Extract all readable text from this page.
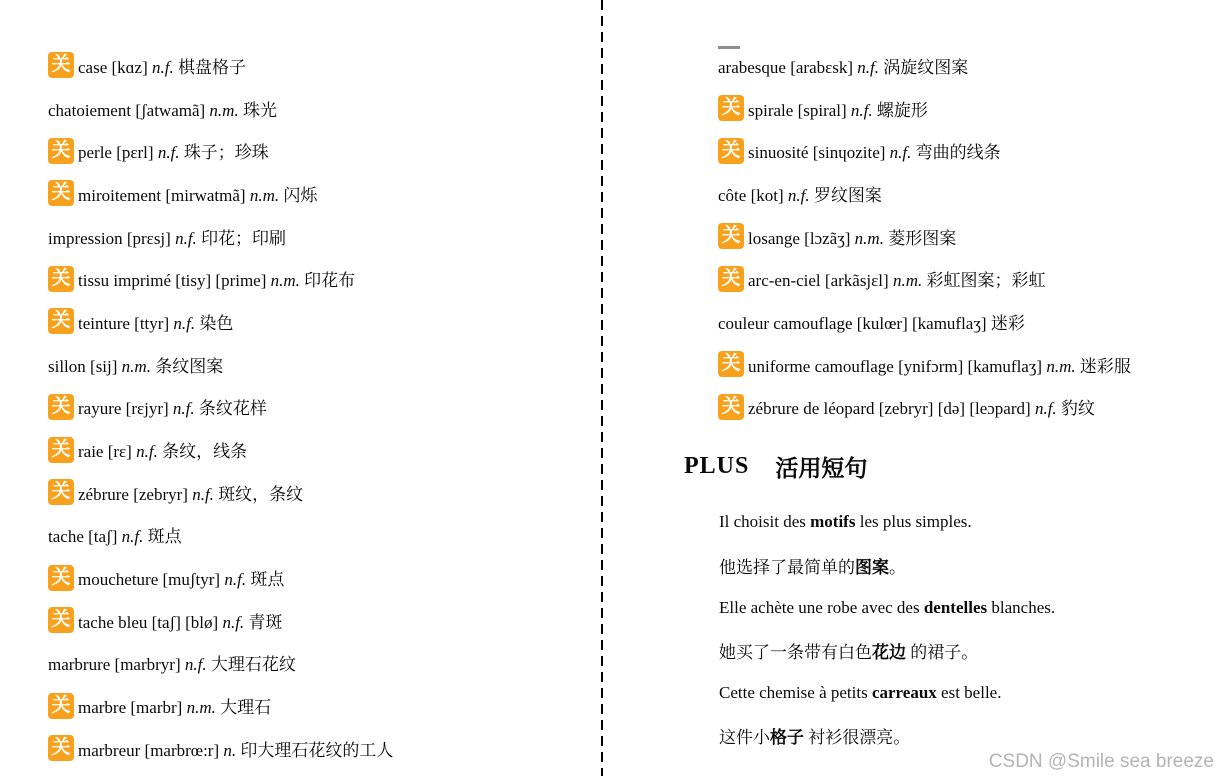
关 case [kɑz] n.f. 棋盘格子
chatoiement [ʃatwamã] n.m. 珠光
关 perle [pɛrl] n.f. 珠子；珍珠
关 miroitement [mirwatmã] n.m. 闪烁
impression [prɛsj] n.f. 印花；印刷
关 tissu imprimé [tisy] [prime] n.m. 印花布
关 teinture [ttyr] n.f. 染色
sillon [sij] n.m. 条纹图案
关 rayure [rɛjyr] n.f. 条纹花样
关 raie [rɛ] n.f. 条纹，线条
关 zébrure [zebryr] n.f. 斑纹，条纹
tache [taʃ] n.f. 斑点
关 moucheture [muʃtyr] n.f. 斑点
关 tache bleu [taʃ] [blø] n.f. 青斑
marbrure [marbryr] n.f. 大理石花纹
关 marbre [marbr] n.m. 大理石
关 marbreur [marbrœ:r] n. 印大理石花纹的工人
arabesque [arabɛsk] n.f. 涡旋纹图案
关 spirale [spiral] n.f. 螺旋形
关 sinuosité [sinɥozite] n.f. 弯曲的线条
côte [kot] n.f. 罗纹图案
关 losange [lɔzãʒ] n.m. 菱形图案
关 arc-en-ciel [arkãsjɛl] n.m. 彩虹图案；彩虹
couleur camouflage [kulœr] [kamuflaʒ] 迷彩
关 uniforme camouflage [ynifɔrm] [kamuflaʒ] n.m. 迷彩服
关 zébrure de léopard [zebryr] [də] [leɔpard] n.f. 豹纹
PLUS 活用短句
Il choisit des motifs les plus simples.
他选择了最简单的 图案 。
Elle achète une robe avec des dentelles blanches.
她买了一条带有白色 花边 的裙子。
Cette chemise à petits carreaux est belle.
这件小 格子 衬衫很漂亮。
CSDN @Smile sea breeze
